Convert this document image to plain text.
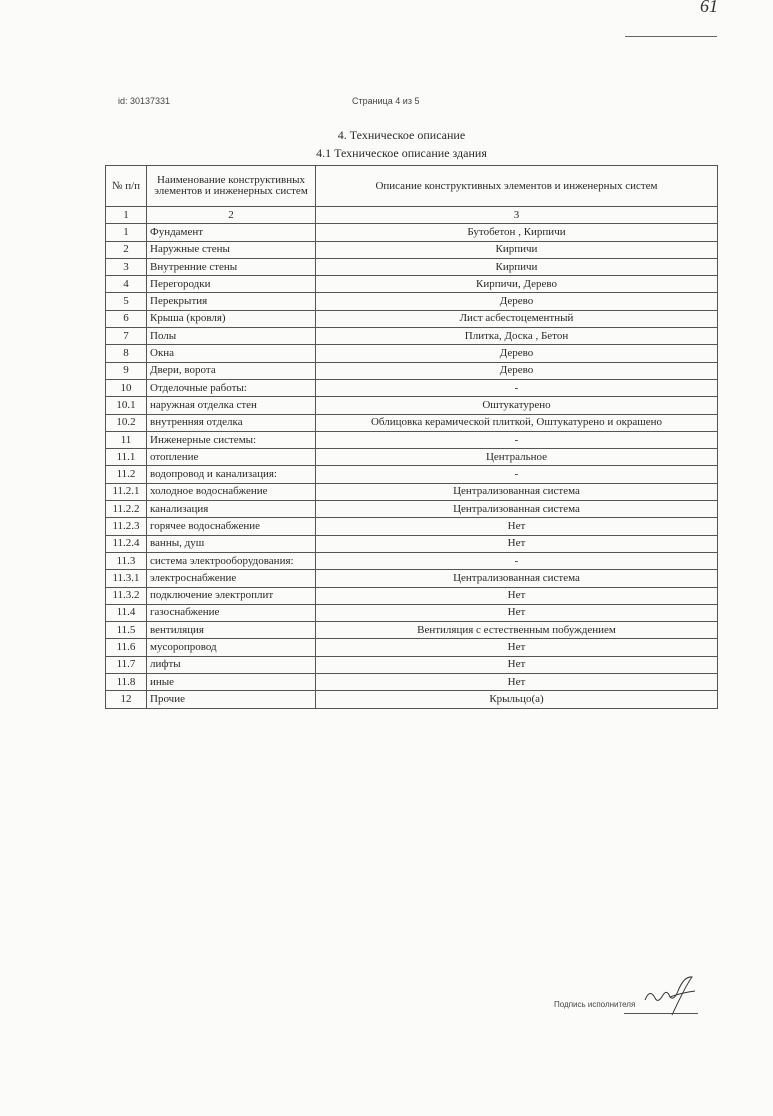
61
id: 30137331	Страница 4 из 5
4. Техническое описание
4.1 Техническое описание здания
№ п/п	Наименование конструктивных элементов и инженерных систем	Описание конструктивных элементов и инженерных систем
1	2	3
1	Фундамент	Бутобетон , Кирпичи
2	Наружные стены	Кирпичи
3	Внутренние стены	Кирпичи
4	Перегородки	Кирпичи, Дерево
5	Перекрытия	Дерево
6	Крыша (кровля)	Лист асбестоцементный
7	Полы	Плитка, Доска , Бетон
8	Окна	Дерево
9	Двери, ворота	Дерево
10	Отделочные работы:	-
10.1	наружная отделка стен	Оштукатурено
10.2	внутренняя отделка	Облицовка керамической плиткой, Оштукатурено и окрашено
11	Инженерные системы:	-
11.1	отопление	Центральное
11.2	водопровод и канализация:	-
11.2.1	холодное водоснабжение	Централизованная система
11.2.2	канализация	Централизованная система
11.2.3	горячее водоснабжение	Нет
11.2.4	ванны, душ	Нет
11.3	система электрооборудования:	-
11.3.1	электроснабжение	Централизованная система
11.3.2	подключение электроплит	Нет
11.4	газоснабжение	Нет
11.5	вентиляция	Вентиляция с естественным побуждением
11.6	мусоропровод	Нет
11.7	лифты	Нет
11.8	иные	Нет
12	Прочие	Крыльцо(а)
Подпись исполнителя
